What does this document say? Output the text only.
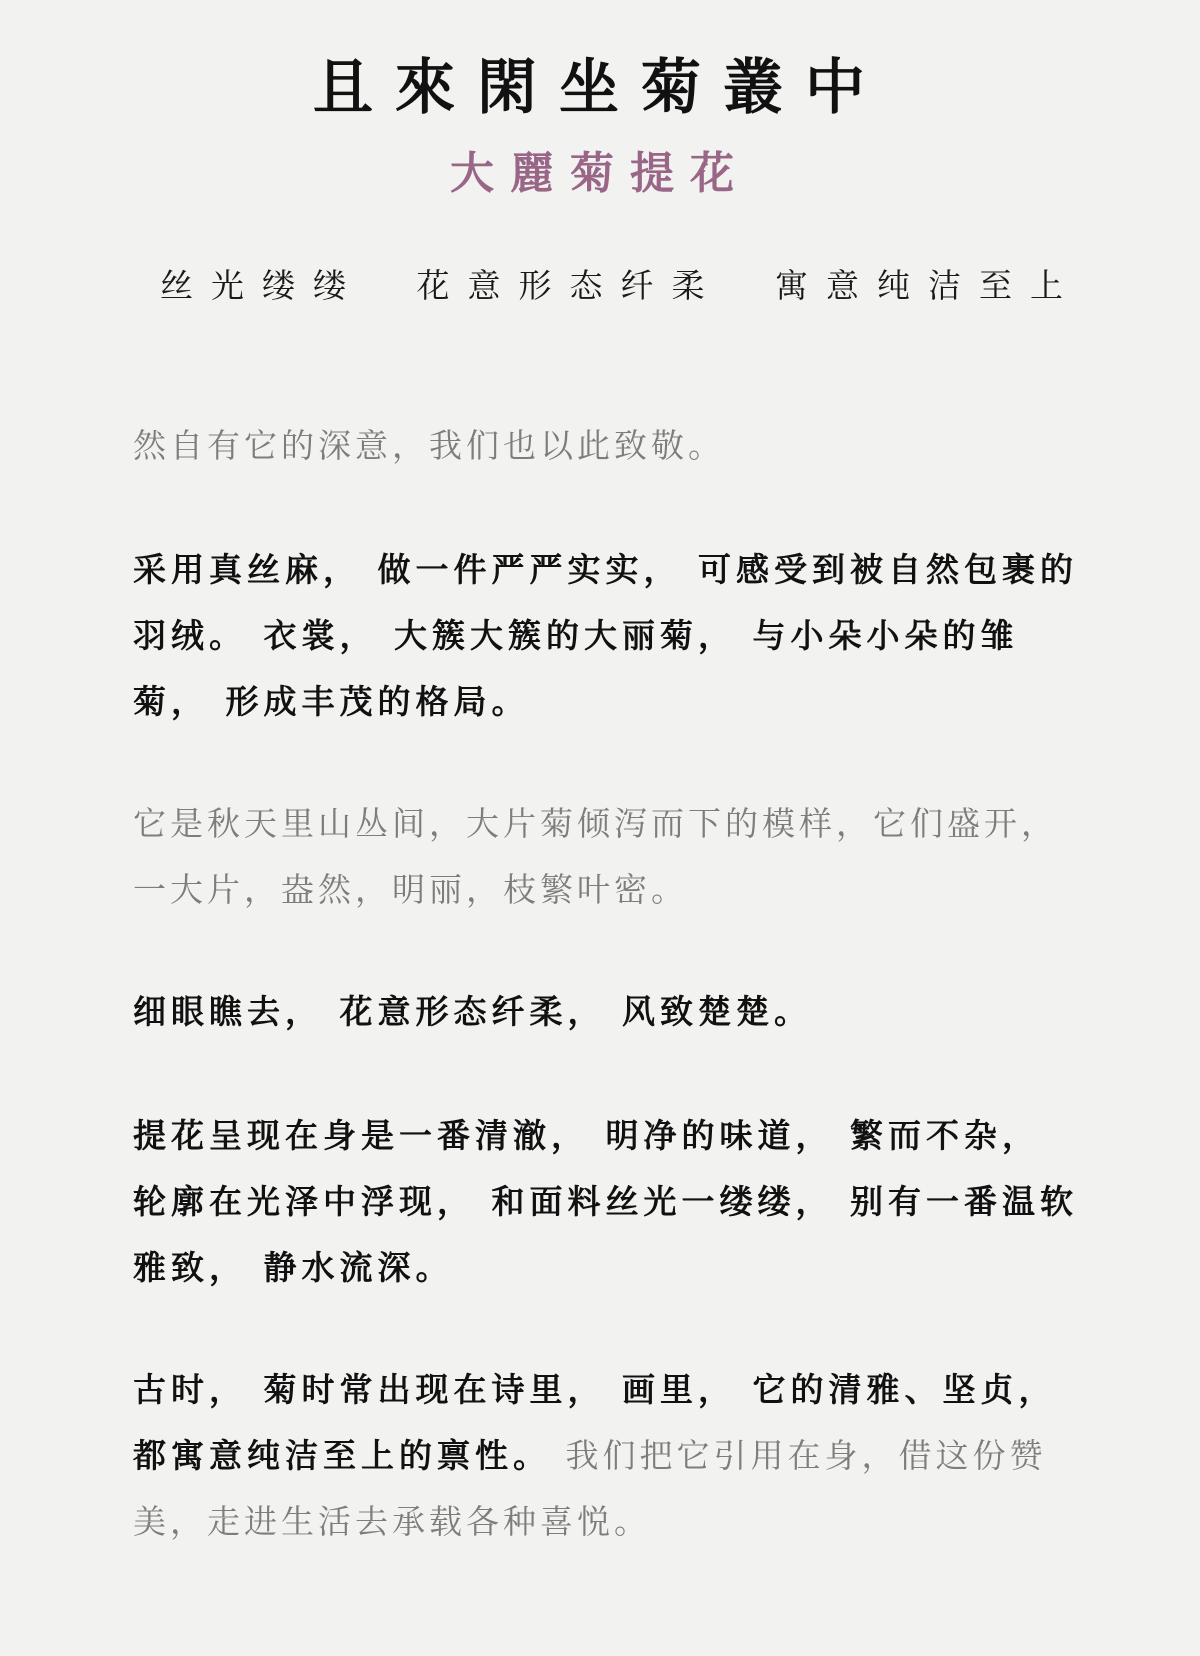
且來閑坐菊叢中
大麗菊提花
丝光缕缕 花意形态纤柔 寓意纯洁至上

然自有它的深意，我们也以此致敬。

采用真丝麻， 做一件严严实实， 可感受到被自然包裹的羽绒。 衣裳， 大簇大簇的大丽菊， 与小朵小朵的雏菊， 形成丰茂的格局。

它是秋天里山丛间，大片菊倾泻而下的模样，它们盛开，一大片，盎然，明丽，枝繁叶密。

细眼瞧去， 花意形态纤柔， 风致楚楚。

提花呈现在身是一番清澈， 明净的味道， 繁而不杂， 轮廓在光泽中浮现， 和面料丝光一缕缕， 别有一番温软雅致， 静水流深。

古时， 菊时常出现在诗里， 画里， 它的清雅、坚贞， 都寓意纯洁至上的禀性。 我们把它引用在身，借这份赞美，走进生活去承载各种喜悦。
